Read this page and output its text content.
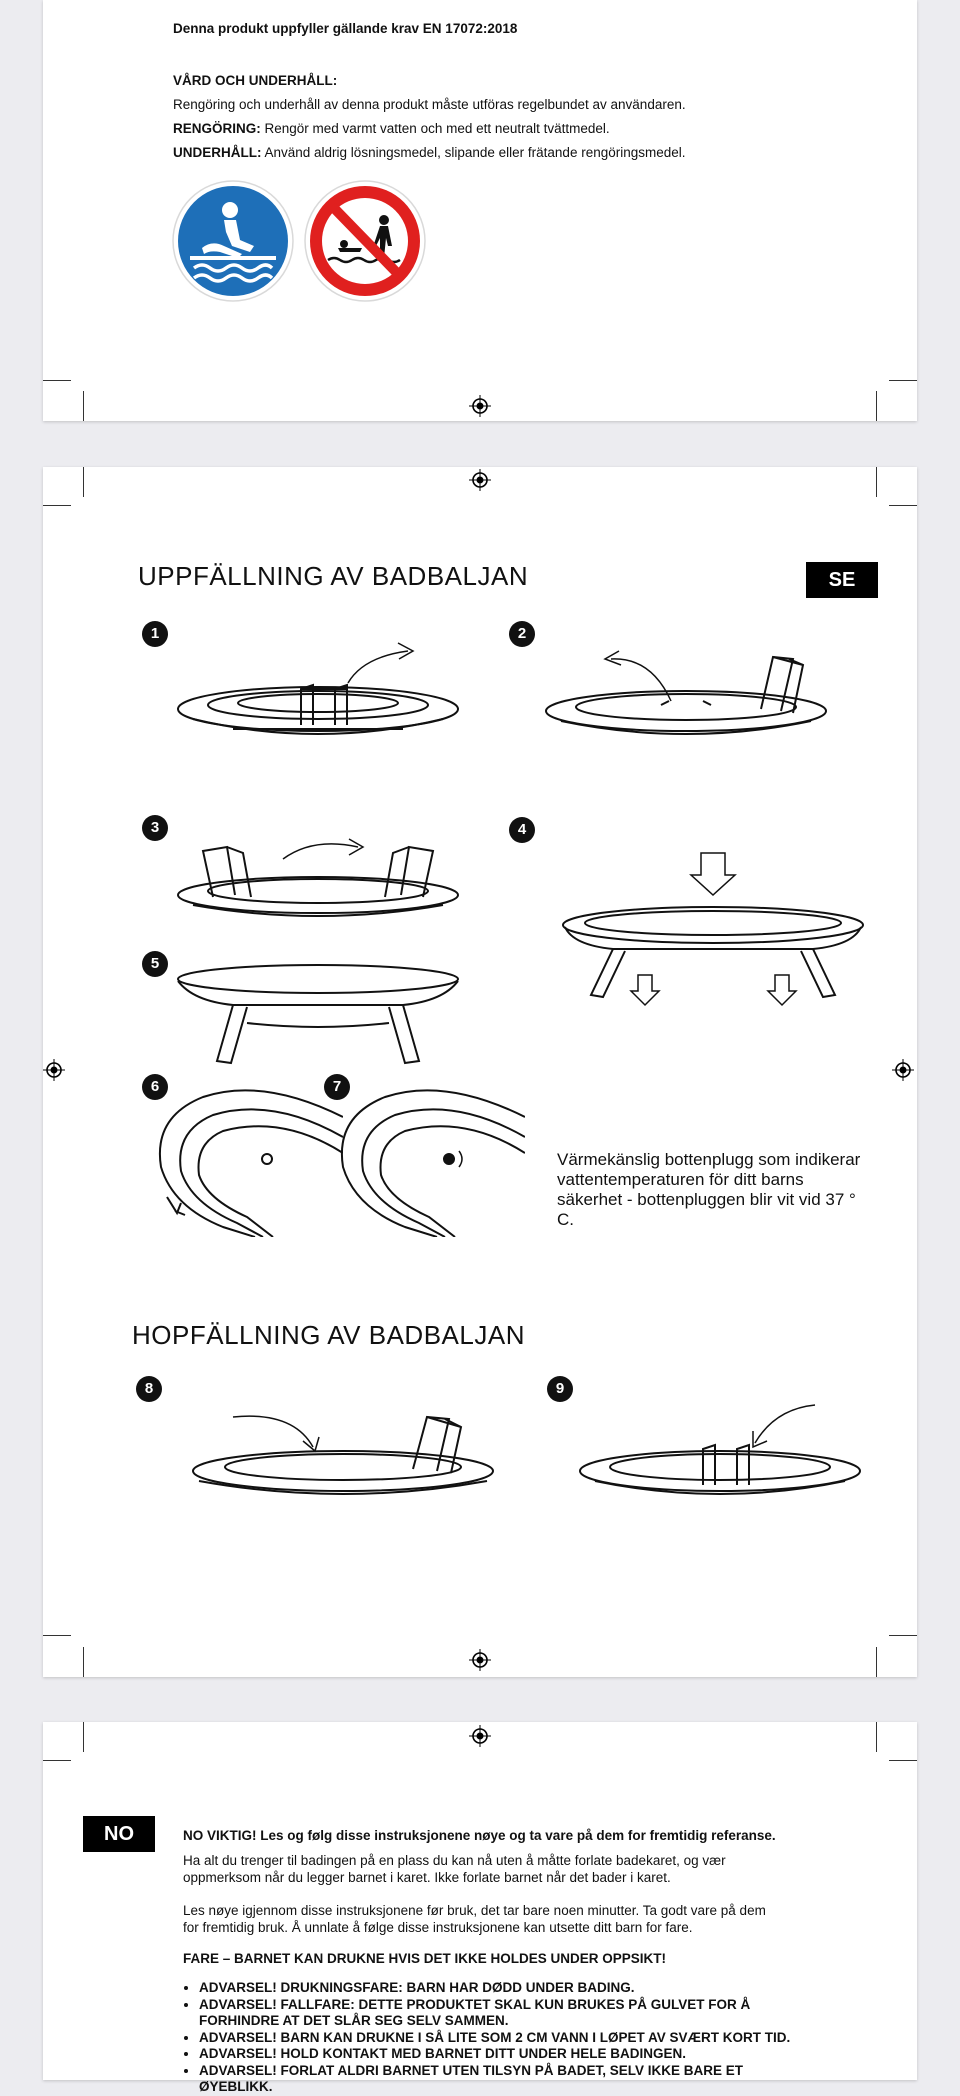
Denna produkt uppfyller gällande krav EN 17072:2018
VÅRD OCH UNDERHÅLL:
Rengöring och underhåll av denna produkt måste utföras regelbundet av användaren.
RENGÖRING: Rengör med varmt vatten och med ett neutralt tvättmedel.
UNDERHÅLL: Använd aldrig lösningsmedel, slipande eller frätande rengöringsmedel.
UPPFÄLLNING AV BADBALJAN	SE
1	2
3	4
5
6	7
Värmekänslig bottenplugg som indikerar vattentemperaturen för ditt barns säkerhet - bottenpluggen blir vit vid 37 ° C.
HOPFÄLLNING AV BADBALJAN
8	9
NO	NO VIKTIG! Les og følg disse instruksjonene nøye og ta vare på dem for fremtidig referanse.
Ha alt du trenger til badingen på en plass du kan nå uten å måtte forlate badekaret, og vær oppmerksom når du legger barnet i karet. Ikke forlate barnet når det bader i karet.
Les nøye igjennom disse instruksjonene før bruk, det tar bare noen minutter. Ta godt vare på dem for fremtidig bruk. Å unnlate å følge disse instruksjonene kan utsette ditt barn for fare.
FARE – BARNET KAN DRUKNE HVIS DET IKKE HOLDES UNDER OPPSIKT!
• ADVARSEL! DRUKNINGSFARE: BARN HAR DØDD UNDER BADING.
• ADVARSEL! FALLFARE: DETTE PRODUKTET SKAL KUN BRUKES PÅ GULVET FOR Å FORHINDRE AT DET SLÅR SEG SELV SAMMEN.
• ADVARSEL! BARN KAN DRUKNE I SÅ LITE SOM 2 CM VANN I LØPET AV SVÆRT KORT TID.
• ADVARSEL! HOLD KONTAKT MED BARNET DITT UNDER HELE BADINGEN.
• ADVARSEL! FORLAT ALDRI BARNET UTEN TILSYN PÅ BADET, SELV IKKE BARE ET ØYEBLIKK.
